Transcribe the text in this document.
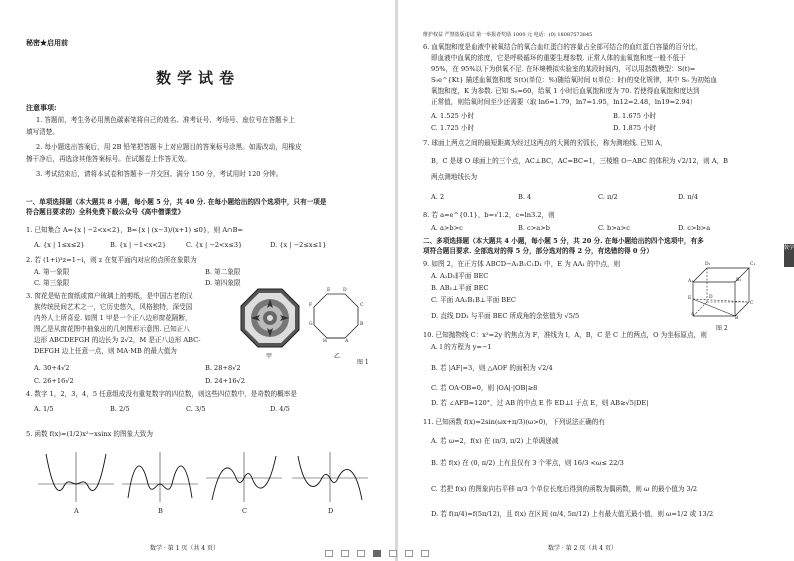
秘密★启用前
数学试卷
注意事项:
1. 答题前，考生务必用黑色碳素笔将自己的姓名、准考证号、考场号、座位号在答题卡上
填写清楚。
2. 每小题选出答案后，用 2B 铅笔把答题卡上对应题目的答案标号涂黑。如需改动，用橡皮
擦干净后，再选涂其他答案标号。在试题卷上作答无效。
3. 考试结束后，请将本试卷和答题卡一并交回。满分 150 分，考试用时 120 分钟。
一、单项选择题（本大题共 8 小题，每小题 5 分，共 40 分. 在每小题给出的四个选项中，只有一项是
符合题目要求的）全科免费下载公众号《高中僧课堂》
1. 已知集合 A={x | −2<x<2}，B={x | (x−3)/(x+1) ≤0}，则 A∩B=
A. {x | 1≤x≤2}	B. {x | −1<x<2}	C. {x | −2<x≤3}	D. {x | −2≤x≤1}
2. 若 (1+i)³z=1−i，则 z 在复平面内对应的点所在象限为
A. 第一象限	B. 第二象限
C. 第三象限	D. 第四象限
3. 窗花是贴在窗纸或窗户玻璃上的剪纸，是中国古老的汉
族传统民间艺术之一，它历史悠久，风格独特，深受国
内外人士所喜爱. 如图 1 甲是一个正八边形窗花隔断，
图乙是从窗花图中抽象出的几何图形示意图. 已知正八
边形 ABCDEFGH 的边长为 2√2，M 是正八边形 ABC-
DEFGH 边上任意一点，则 MA·MB 的最大值为
A. 30+4√2	B. 28+8√2
C. 26+16√2	D. 24+16√2
甲
E	D
C
B
A
H
G
F
乙
图 1
4. 数字 1，2，3，4，5 任意组成没有重复数字的四位数，则这些四位数中，是奇数的概率是
A. 1/5	B. 2/5	C. 3/5	D. 4/5
5. 函数 f(x)=(1/2)x²−xsinx 的图象大致为
A	B	C	D
数学 · 第 1 页（共 4 页）
维护权益 严禁盗版违试 第一举报者奖励 1000 元 电话：(0) 18087573845
6. 血氧饱和度是血液中被氧结合的氧合血红蛋白的容量占全部可结合的血红蛋白容量的百分比，
即血液中血氧的浓度，它是呼吸循环的重要生理参数. 正常人体的血氧饱和度一般不低于
95%，在 95%以下为供氧不足. 在环境模拟实验室的某段时间内，可以用指数模型：S(t)=
S₀e^{Kt} 描述血氧饱和度 S(t)(单位：%)随给氧时间 t(单位：时)的变化规律，其中 S₀ 为初始血
氧饱和度，K 为参数. 已知 S₀=60，给氧 1 小时后血氧饱和度为 70. 若使得血氧饱和度达到
正常值，则给氧时间至少还需要（取 ln6=1.79，ln7=1.95，ln12=2.48，ln19=2.94）
A. 1.525 小时	B. 1.675 小时
C. 1.725 小时	D. 1.875 小时
7. 球面上两点之间的最短距离为经过这两点的大圆的劣弧长，称为测地线. 已知 A，
B，C 是球 O 球面上的三个点，AC⊥BC，AC=BC=1，三棱锥 O−ABC 的体积为 √2/12，则 A，B
两点测地线长为
A. 2	B. 4	C. π/2	D. π/4
8. 若 a=e^{0.1}，b=√1.2，c=ln3.2，则
A. a>b>c	B. c>a>b	C. b>a>c	D. c>b>a
二、多项选择题（本大题共 4 小题，每小题 5 分，共 20 分. 在每小题给出的四个选项中，有多
项符合题目要求. 全部选对的得 5 分，部分选对的得 2 分，有选错的得 0 分）
9. 如图 2，在正方体 ABCD−A₁B₁C₁D₁ 中，E 为 AA₁ 的中点，则
A. A₁D₁∥平面 BEC
B. AB₁⊥平面 BEC
C. 平面 AA₁B₁B⊥平面 BEC
D. 直线 DD₁ 与平面 BEC 所成角的余弦值为 √5/5	A
B
C
D
A₁	B₁
C₁
D₁
E
图 2
10. 已知抛物线 C：x²=2y 的焦点为 F，准线为 l，A，B，C 是 C 上的两点，O 为坐标原点，则
A. l 的方程为 y=−1
B. 若 |AF|=3，则 △AOF 的面积为 √2/4
C. 若 OA·OB=0，则 |OA|·|OB|≥8
D. 若 ∠AFB=120°，过 AB 的中点 E 作 ED⊥l 于点 E，则 AB≥√5|DE|
11. 已知函数 f(x)=2sin(ωx+π/3)(ω>0)，下列说法正确的有
A. 若 ω=2，f(x) 在 (π/3, π/2) 上单调递减
B. 若 f(x) 在 (0, π/2) 上有且仅有 3 个零点，则 16/3 <ω≤ 22/3
C. 若把 f(x) 的图象向右平移 π/3 个单位长度后得到的函数为偶函数，则 ω 的最小值为 3/2
D. 若 f(π/4)=f(5π/12)，且 f(x) 在区间 (π/4, 5π/12) 上有最大值无最小值，则 ω=1/2 或 13/2
数学 · 第 2 页（共 4 页）
数学
